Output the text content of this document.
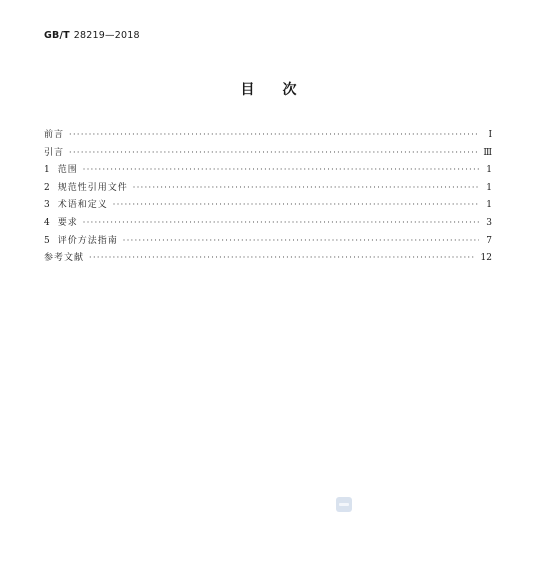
GB/T 28219—2018
目次
前言 ·····	Ⅰ
引言 ·····	Ⅲ
1 范围 ·····	1
2 规范性引用文件 ·····	1
3 术语和定义 ·····	1
4 要求 ·····	3
5 评价方法指南 ·····	7
参考文献 ·····	12
